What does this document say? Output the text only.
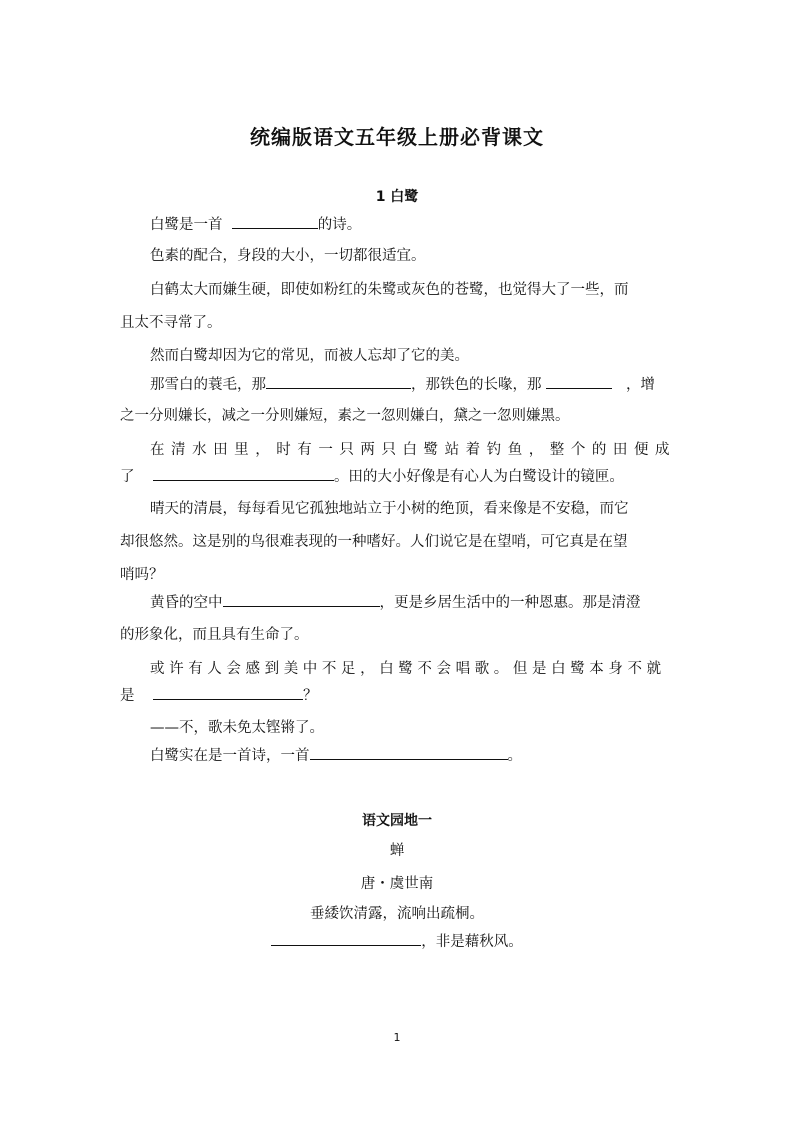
统编版语文五年级上册必背课文
1 白鹭
白鹭是一首	的诗。
色素的配合，身段的大小，一切都很适宜。
白鹤太大而嫌生硬，即使如粉红的朱鹭或灰色的苍鹭，也觉得大了一些，而
且太不寻常了。
然而白鹭却因为它的常见，而被人忘却了它的美。
那雪白的蓑毛，那	，那铁色的长喙，那	，增
之一分则嫌长，减之一分则嫌短，素之一忽则嫌白，黛之一忽则嫌黑。
在清水田里，时有一只两只白鹭站着钓鱼，整个的田便成
了	。田的大小好像是有心人为白鹭设计的镜匣。
晴天的清晨，每每看见它孤独地站立于小树的绝顶，看来像是不安稳，而它
却很悠然。这是别的鸟很难表现的一种嗜好。人们说它是在望哨，可它真是在望
哨吗？
黄昏的空中	，更是乡居生活中的一种恩惠。那是清澄
的形象化，而且具有生命了。
或许有人会感到美中不足，白鹭不会唱歌。但是白鹭本身不就
是	？
——不，歌未免太铿锵了。
白鹭实在是一首诗，一首	。
语文园地一
蝉
唐・虞世南
垂緌饮清露，流响出疏桐。
，非是藉秋风。
1
